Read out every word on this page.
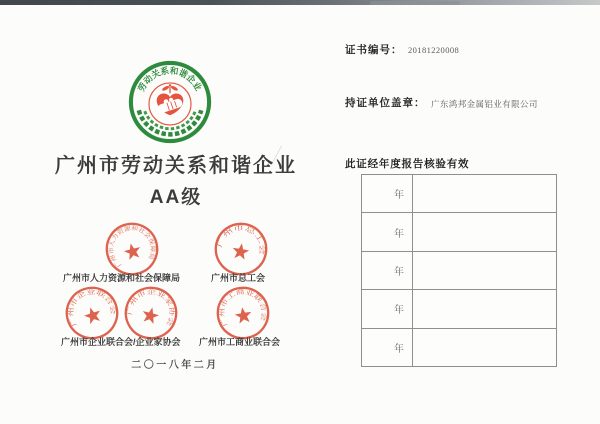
劳动关系和谐企业
广州市劳动关系和谐企业
AA级
广州市人力资源和社会保障局
广州市总工会
广州市企业联合会	广州市企业家协会	广州市工商业联合会
广州市人力资源和社会保障局	广州市总工会
广州市企业联合会/企业家协会 广州市工商业联合会
二〇一八年二月
证书编号： 20181220008
持证单位盖章： 广东鸿邦金属铝业有限公司
此证经年度报告核验有效
年
年
年
年
年
